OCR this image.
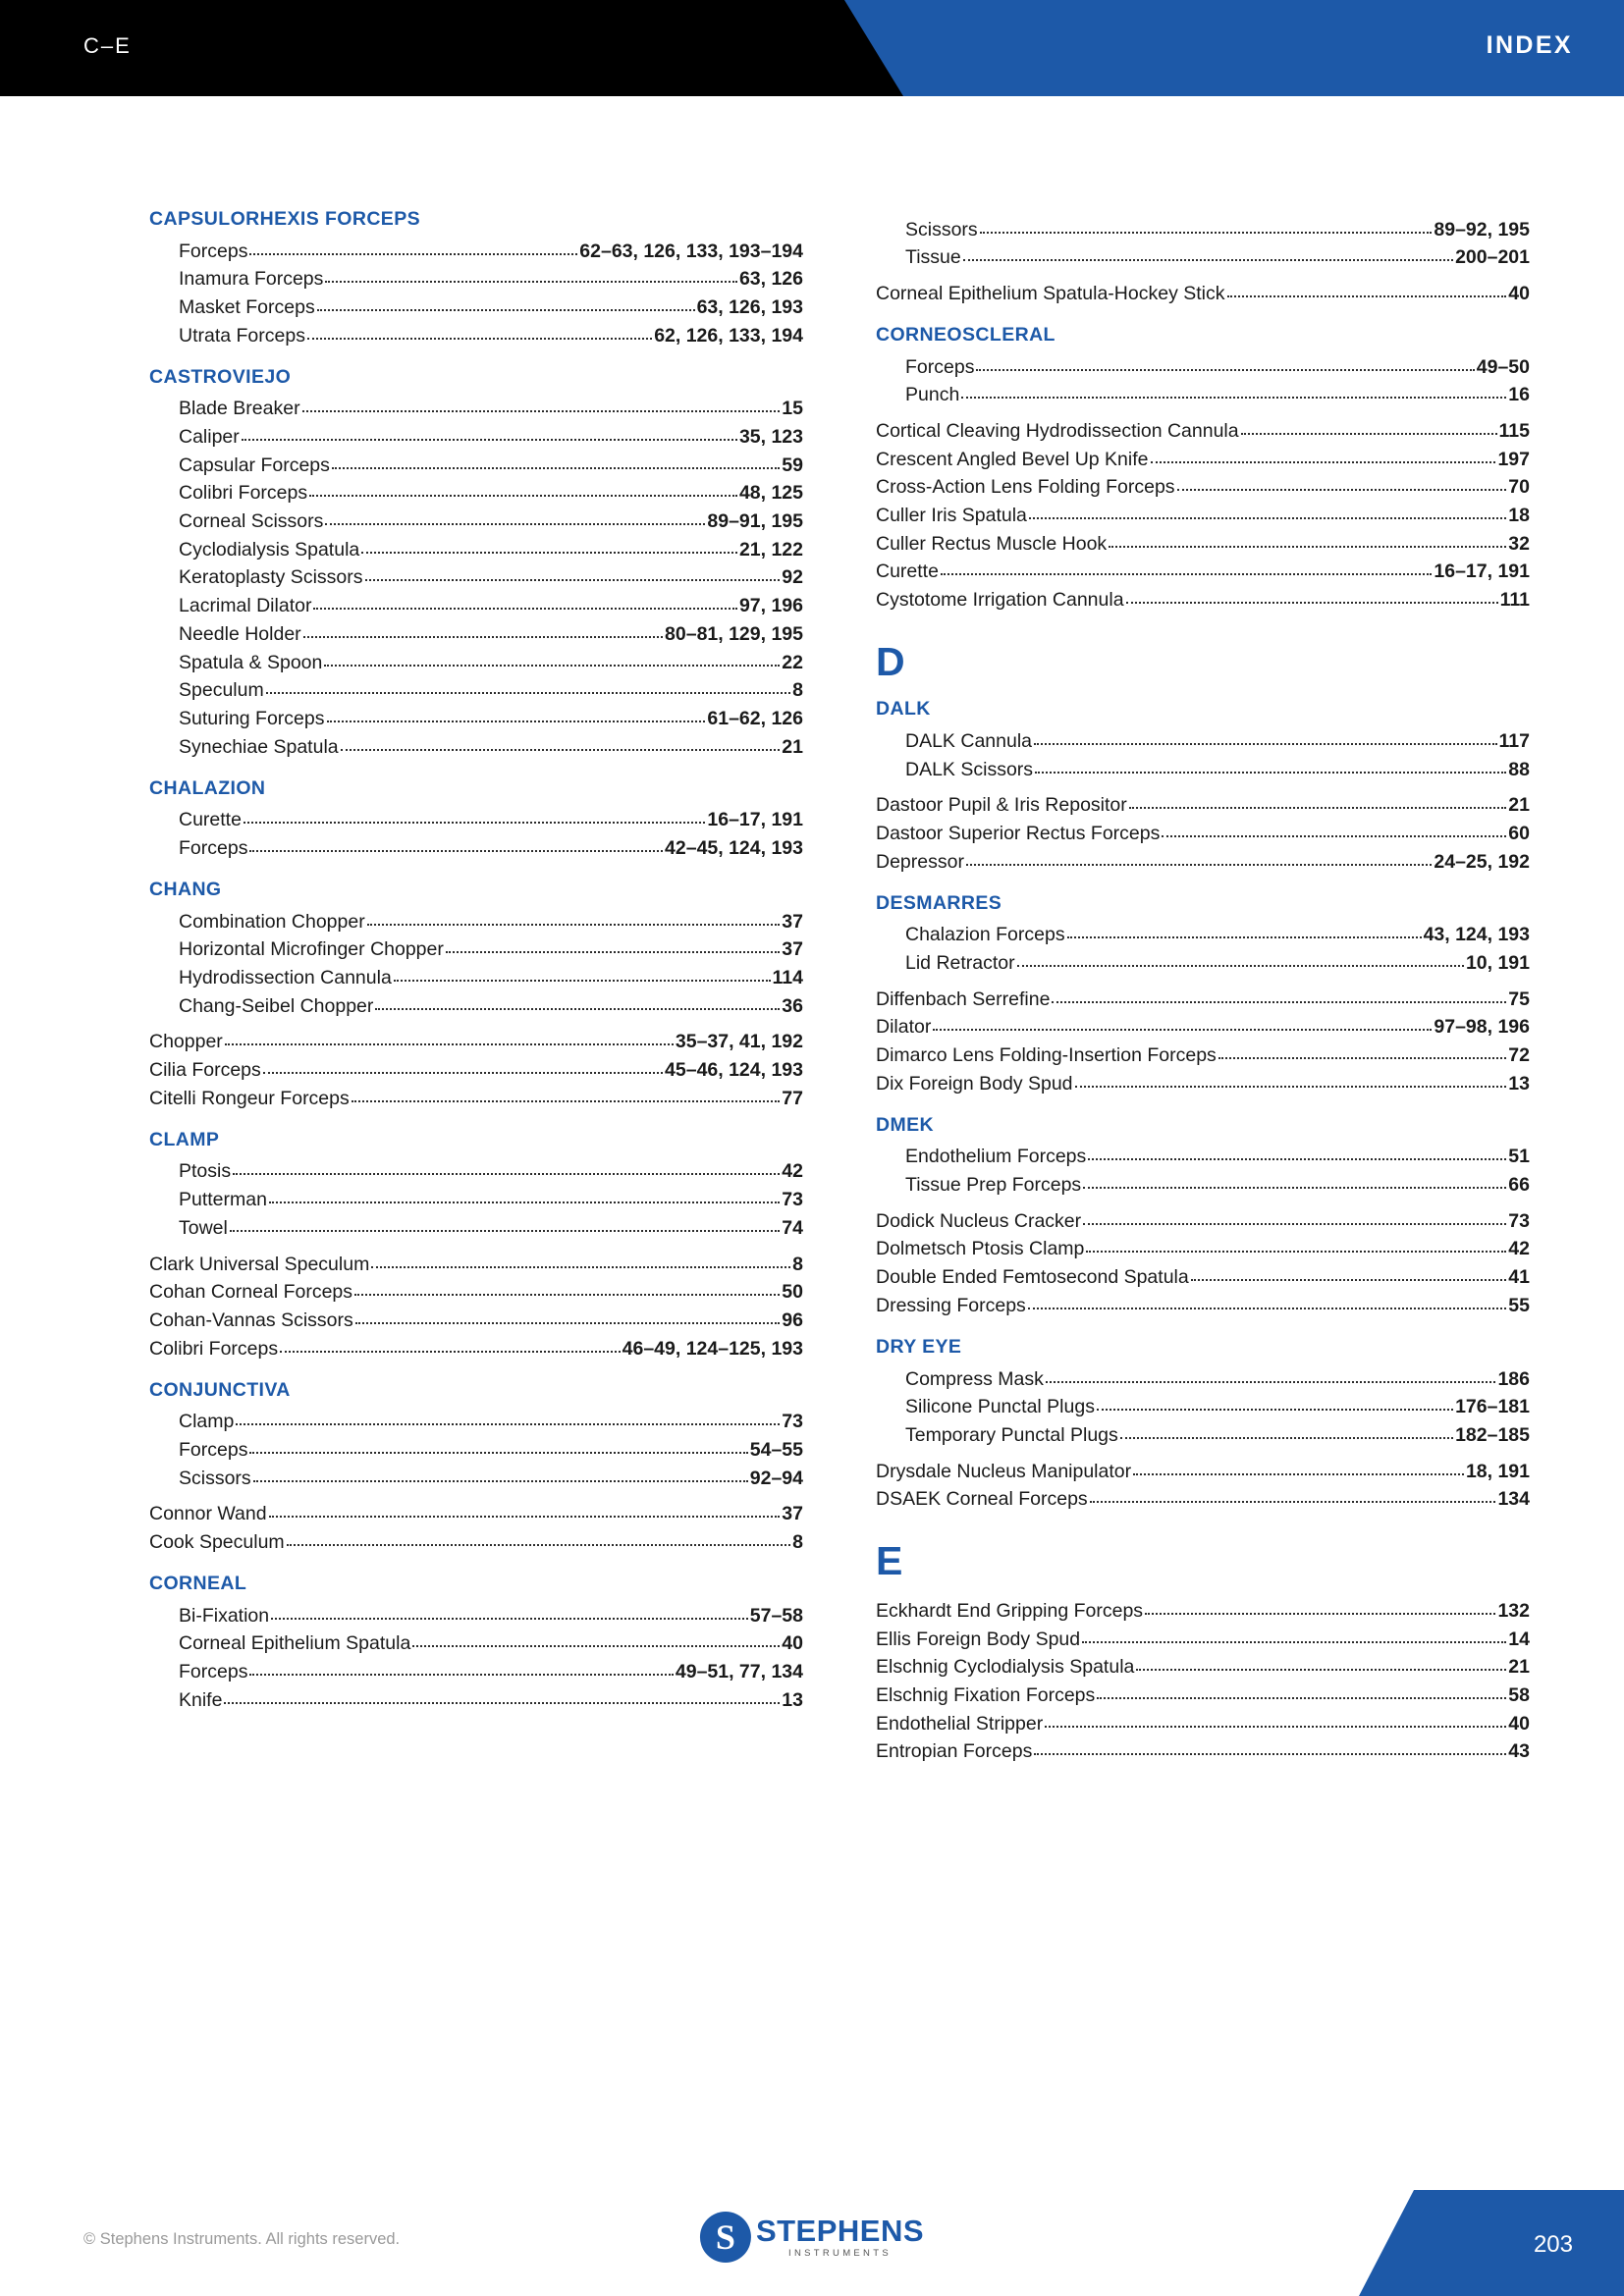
C–E	INDEX
CAPSULORHEXIS FORCEPS
Forceps	62–63, 126, 133, 193–194
Inamura Forceps	63, 126
Masket Forceps	63, 126, 193
Utrata Forceps	62, 126, 133, 194
CASTROVIEJO
Blade Breaker	15
Caliper	35, 123
Capsular Forceps	59
Colibri Forceps	48, 125
Corneal Scissors	89–91, 195
Cyclodialysis Spatula	21, 122
Keratoplasty Scissors	92
Lacrimal Dilator	97, 196
Needle Holder	80–81, 129, 195
Spatula & Spoon	22
Speculum	8
Suturing Forceps	61–62, 126
Synechiae Spatula	21
CHALAZION
Curette	16–17, 191
Forceps	42–45, 124, 193
CHANG
Combination Chopper	37
Horizontal Microfinger Chopper	37
Hydrodissection Cannula	114
Chang-Seibel Chopper	36
Chopper	35–37, 41, 192
Cilia Forceps	45–46, 124, 193
Citelli Rongeur Forceps	77
CLAMP
Ptosis	42
Putterman	73
Towel	74
Clark Universal Speculum	8
Cohan Corneal Forceps	50
Cohan-Vannas Scissors	96
Colibri Forceps	46–49, 124–125, 193
CONJUNCTIVA
Clamp	73
Forceps	54–55
Scissors	92–94
Connor Wand	37
Cook Speculum	8
CORNEAL
Bi-Fixation	57–58
Corneal Epithelium Spatula	40
Forceps	49–51, 77, 134
Knife	13
Scissors	89–92, 195
Tissue	200–201
Corneal Epithelium Spatula-Hockey Stick	40
CORNEOSCLERAL
Forceps	49–50
Punch	16
Cortical Cleaving Hydrodissection Cannula	115
Crescent Angled Bevel Up Knife	197
Cross-Action Lens Folding Forceps	70
Culler Iris Spatula	18
Culler Rectus Muscle Hook	32
Curette	16–17, 191
Cystotome Irrigation Cannula	111
D
DALK
DALK Cannula	117
DALK Scissors	88
Dastoor Pupil & Iris Repositor	21
Dastoor Superior Rectus Forceps	60
Depressor	24–25, 192
DESMARRES
Chalazion Forceps	43, 124, 193
Lid Retractor	10, 191
Diffenbach Serrefine	75
Dilator	97–98, 196
Dimarco Lens Folding-Insertion Forceps	72
Dix Foreign Body Spud	13
DMEK
Endothelium Forceps	51
Tissue Prep Forceps	66
Dodick Nucleus Cracker	73
Dolmetsch Ptosis Clamp	42
Double Ended Femtosecond Spatula	41
Dressing Forceps	55
DRY EYE
Compress Mask	186
Silicone Punctal Plugs	176–181
Temporary Punctal Plugs	182–185
Drysdale Nucleus Manipulator	18, 191
DSAEK Corneal Forceps	134
E
Eckhardt End Gripping Forceps	132
Ellis Foreign Body Spud	14
Elschnig Cyclodialysis Spatula	21
Elschnig Fixation Forceps	58
Endothelial Stripper	40
Entropian Forceps	43
© Stephens Instruments. All rights reserved.	S STEPHENS
INSTRUMENTS	203
